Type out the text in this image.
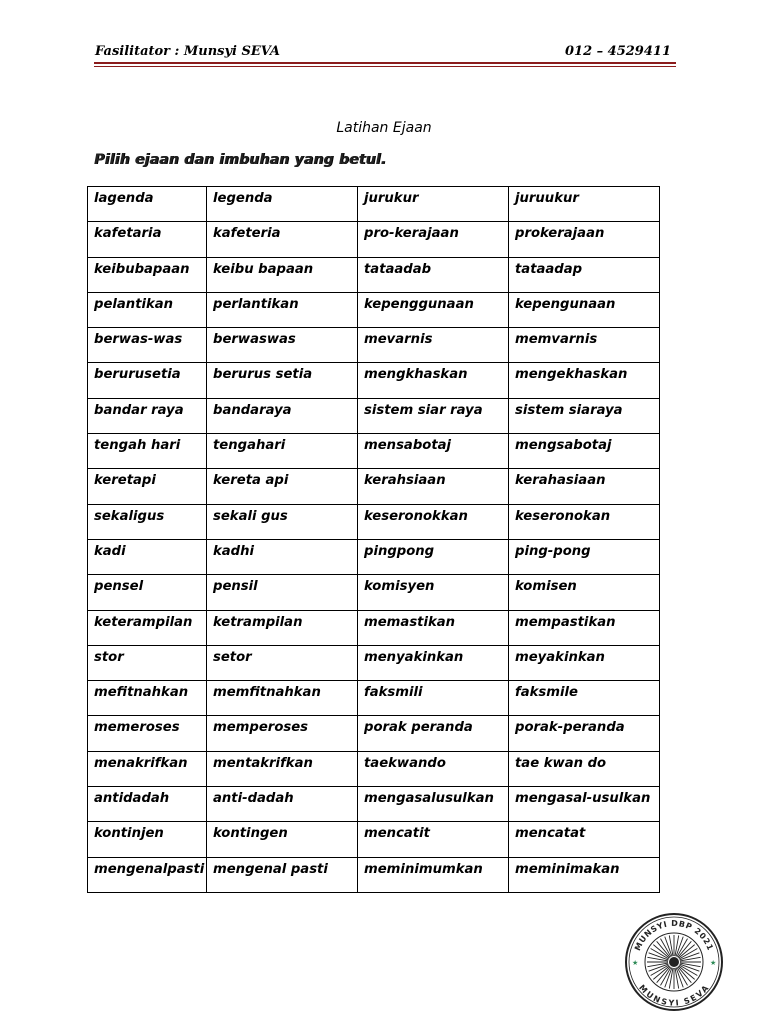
Fasilitator : Munsyi SEVA	012 – 4529411
Latihan Ejaan
Pilih ejaan dan imbuhan yang betul.
lagenda	legenda	jurukur	juruukur
kafetaria	kafeteria	pro-kerajaan	prokerajaan
keibubapaan	keibu bapaan	tataadab	tataadap
pelantikan	perlantikan	kepenggunaan	kepengunaan
berwas-was	berwaswas	mevarnis	memvarnis
berurusetia	berurus setia	mengkhaskan	mengekhaskan
bandar raya	bandaraya	sistem siar raya	sistem siaraya
tengah hari	tengahari	mensabotaj	mengsabotaj
keretapi	kereta api	kerahsiaan	kerahasiaan
sekaligus	sekali gus	keseronokkan	keseronokan
kadi	kadhi	pingpong	ping-pong
pensel	pensil	komisyen	komisen
keterampilan	ketrampilan	memastikan	mempastikan
stor	setor	menyakinkan	meyakinkan
mefitnahkan	memfitnahkan	faksmili	faksmile
memeroses	memperoses	porak peranda	porak-peranda
menakrifkan	mentakrifkan	taekwando	tae kwan do
antidadah	anti-dadah	mengasalusulkan	mengasal-usulkan
kontinjen	kontingen	mencatit	mencatat
mengenalpasti	mengenal pasti	meminimumkan	meminimakan
MUNSYI DBP 2021
MUNSYI SEVA
★	★
